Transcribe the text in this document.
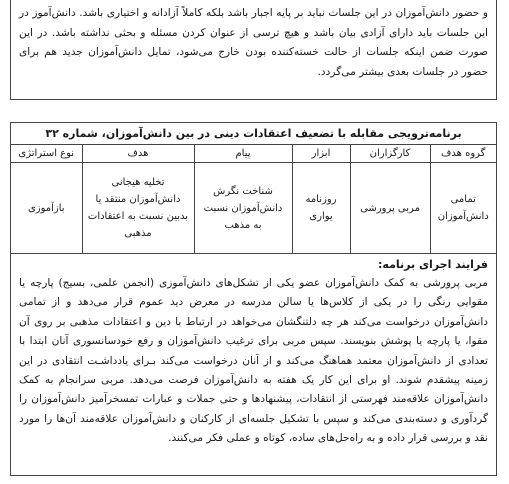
و حضور دانش‌آموزان در این جلسات نباید بر پایه اجبار باشد بلکه کاملاً آزادانه و اختیاری باشد. دانش‌آموز در این جلسات باید دارای آزادی بیان باشد و هیچ ترسی از عنوان کردن مسئله و بحثی نداشته باشد. در این صورت ضمن اینکه جلسات از حالت خسته‌کننده بودن خارج می‌شود، تمایل دانش‌آموزان جدید هم برای حضور در جلسات بعدی بیشتر می‌گردد.
برنامه‌ترویجی مقابله با تضعیف اعتقادات دینی در بین دانش‌آموزان، شماره ۳۲
گروه هدف	کارگزاران	ابزار	پیام	هدف	نوع استراتژی
تمامی دانش‌آموزان	مربی پرورشی	روزنامه یواری	شناخت نگرش دانش‌آموزان نسبت به مذهب	تخلیه هیجانی دانش‌آموزان منتقد یا بدبین نسبت به اعتقادات مذهبی	بازآموزی
فرایند اجرای برنامه:
مربی پرورشی به کمک دانش‌آموزان عضو یکی از تشکل‌های دانش‌آموزی (انجمن علمی، بسیج) پارچه یا مقوایی رنگی را در یکی از کلاس‌ها یا سالن مدرسه در معرض دید عموم قرار می‌دهد و از تمامی دانش‌آموزان درخواست می‌کند هر چه دلتنگشان می‌خواهد در ارتباط با دین و اعتقادات مذهبی بر روی آن مقوا، یا پارچه یا پوشش بنویسند. سپس مربی برای ترغیب دانش‌آموزان و رفع خودسانسوری آنان ابتدا با تعدادی از دانش‌آموزان معتمد هماهنگ می‌کند و از آنان درخواست می‌کند بـرای یادداشـت انتقادی در این زمینه پیشقدم شوند. او برای این کار یک هفته به دانش‌آموزان فرصت می‌دهد. مربی سرانجام به کمک دانش‌آموزان علاقه‌مند فهرستی از انتقادات، پیشنهادها و حتی جملات و عبارات تمسخرآمیز دانش‌آموزان را گردآوری و دسته‌بندی می‌کند و سپس با تشکیل جلسه‌ای از کارکنان و دانش‌آموزان علاقه‌مند آن‌ها را مورد نقد و بررسی قرار داده و به راه‌حل‌های ساده، کوتاه و عملی فکر می‌کنند.
